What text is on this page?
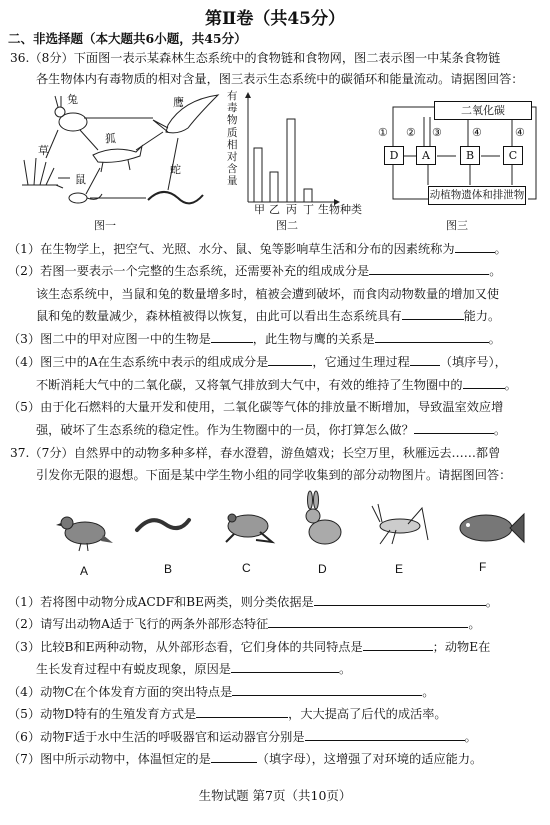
第Ⅱ卷（共45分）
二、非选择题（本大题共6小题，共45分）
36.（8分）下面图一表示某森林生态系统中的食物链和食物网，图二表示图一中某条食物链
各生物体内有毒物质的相对含量，图三表示生态系统中的碳循环和能量流动。请据图回答：
兔	鹰
狐
草
鼠
蛇
图一
有毒物质相对含量
甲 乙 丙 丁 生物种类
图二
二氧化碳
D	A	B	C
动植物遗体和排泄物
① ② ③	④	④
图三
（1）在生物学上，把空气、光照、水分、鼠、兔等影响草生活和分布的因素统称为	。
（2）若图一要表示一个完整的生态系统，还需要补充的组成成分是	。
该生态系统中，当鼠和兔的数量增多时，植被会遭到破坏，而食肉动物数量的增加又使
鼠和兔的数量减少，森林植被得以恢复，由此可以看出生态系统具有	能力。
（3）图二中的甲对应图一中的生物是	，此生物与鹰的关系是	。
（4）图三中的A在生态系统中表示的组成成分是	，它通过生理过程 （填序号），
不断消耗大气中的二氧化碳，又将氧气排放到大气中，有效的维持了生物圈中的	。
（5）由于化石燃料的大量开发和使用，二氧化碳等气体的排放量不断增加，导致温室效应增
强，破坏了生态系统的稳定性。作为生物圈中的一员，你打算怎么做？	。
37.（7分）自然界中的动物多种多样，春水澄碧，游鱼嬉戏；长空万里，秋雁远去……都曾
引发你无限的遐想。下面是某中学生物小组的同学收集到的部分动物图片。请据图回答：
A	B	C	D	E	F
（1）若将图中动物分成ACDF和BE两类，则分类依据是	。
（2）请写出动物A适于飞行的两条外部形态特征	。
（3）比较B和E两种动物，从外部形态看，它们身体的共同特点是	；动物E在
生长发育过程中有蜕皮现象，原因是	。
（4）动物C在个体发育方面的突出特点是	。
（5）动物D特有的生殖发育方式是	，大大提高了后代的成活率。
（6）动物F适于水中生活的呼吸器官和运动器官分别是	。
（7）图中所示动物中，体温恒定的是	（填字母），这增强了对环境的适应能力。
生物试题 第7页（共10页）
